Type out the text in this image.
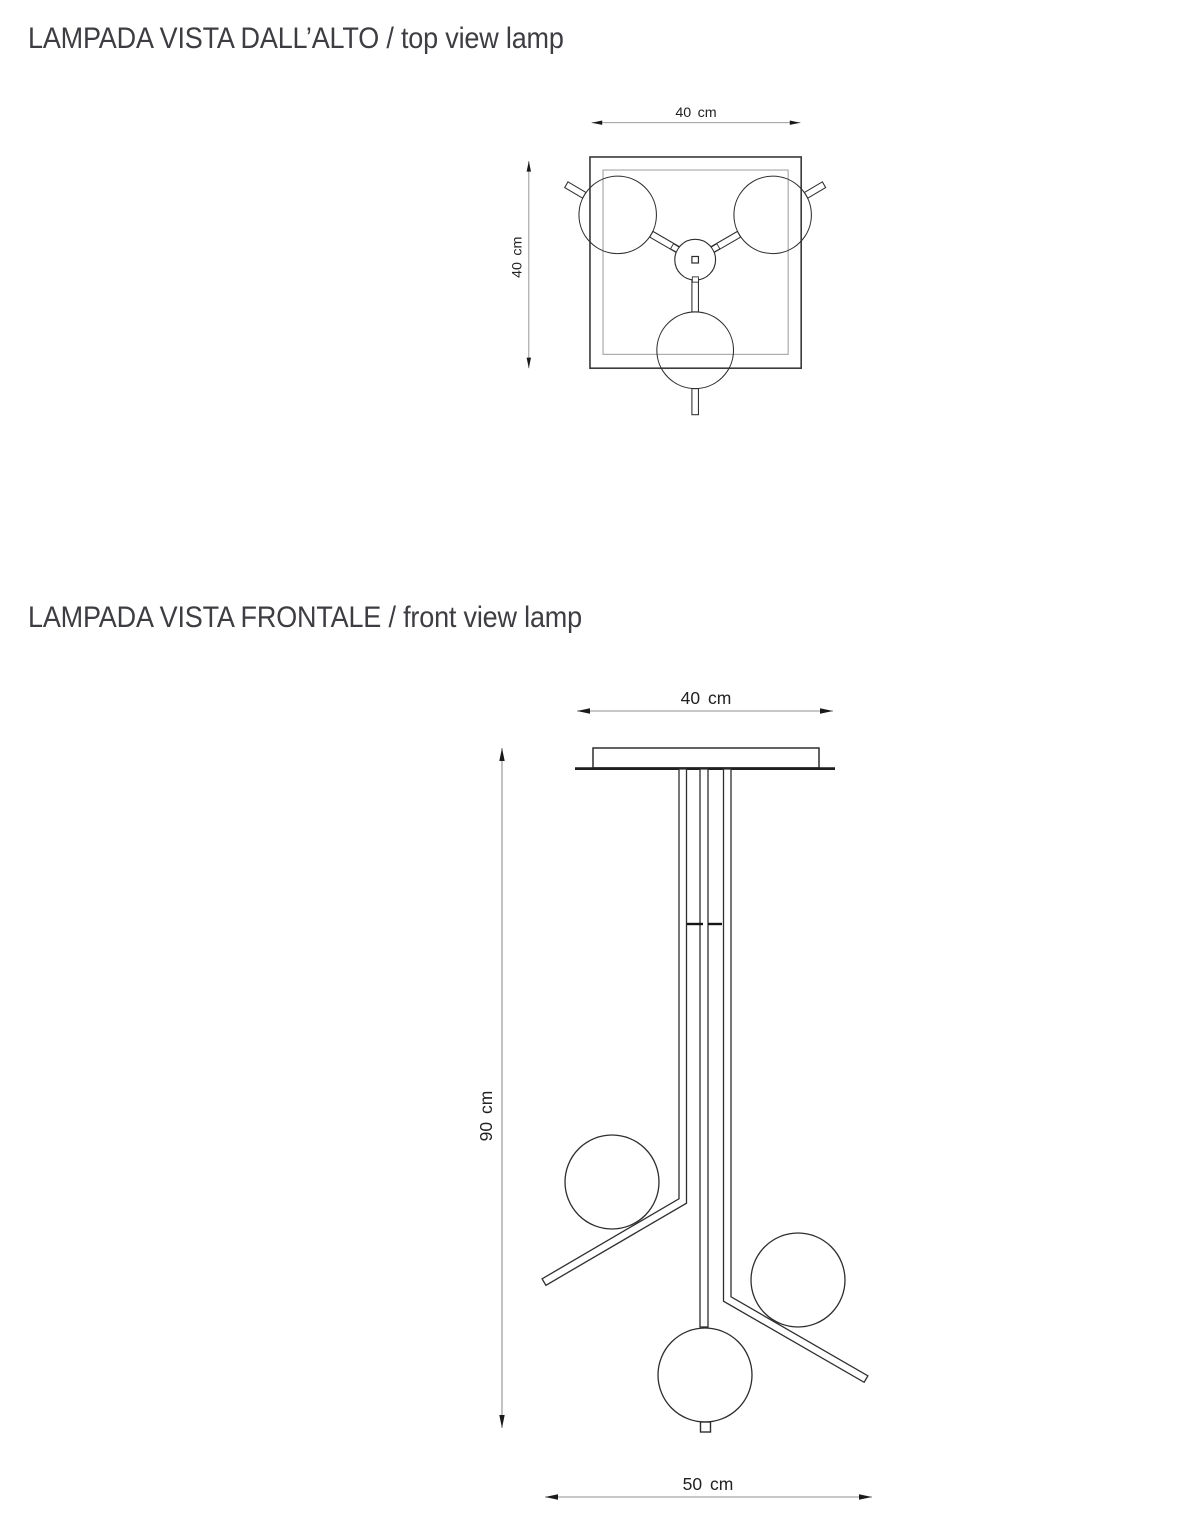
LAMPADA VISTA DALL’ALTO / top view lamp
40 cm
40 cm
LAMPADA VISTA FRONTALE / front view lamp
40 cm
90 cm
50 cm
